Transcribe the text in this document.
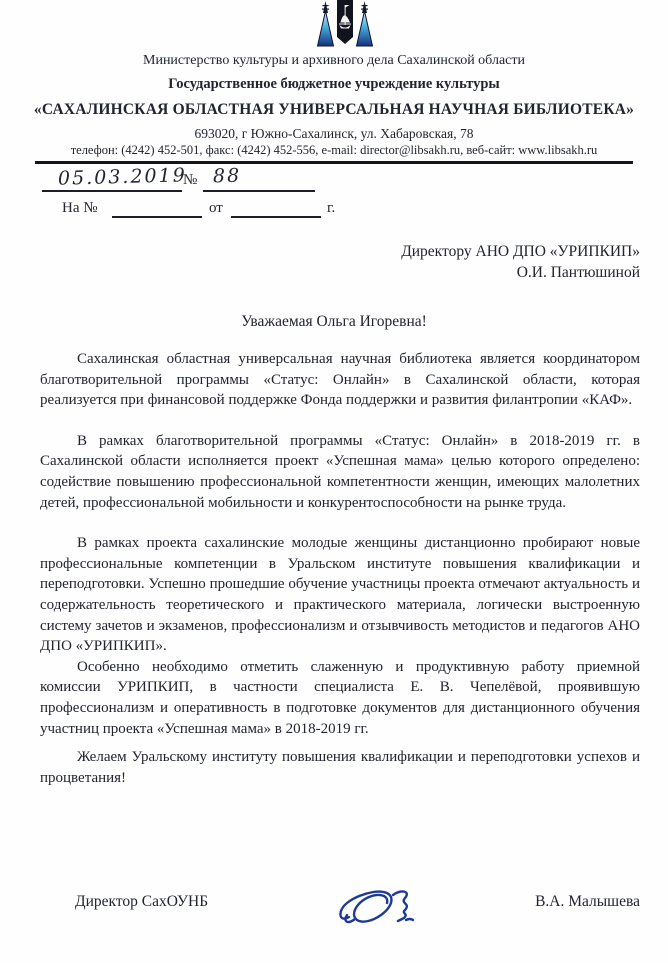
Министерство культуры и архивного дела Сахалинской области
Государственное бюджетное учреждение культуры
«САХАЛИНСКАЯ ОБЛАСТНАЯ УНИВЕРСАЛЬНАЯ НАУЧНАЯ БИБЛИОТЕКА»
693020, г Южно-Сахалинск, ул. Хабаровская, 78
телефон: (4242) 452-501, факс: (4242) 452-556, e-mail: director@libsakh.ru, веб-сайт: www.libsakh.ru
05.03.2019
№ 88
На №	от	г.
Директору АНО ДПО «УРИПКИП»
О.И. Пантюшиной
Уважаемая Ольга Игоревна!

Сахалинская областная универсальная научная библиотека является координатором благотворительной программы «Статус: Онлайн» в Сахалинской области, которая реализуется при финансовой поддержке Фонда поддержки и развития филантропии «КАФ».

В рамках благотворительной программы «Статус: Онлайн» в 2018-2019 гг. в Сахалинской области исполняется проект «Успешная мама» целью которого определено: содействие повышению профессиональной компетентности женщин, имеющих малолетних детей, профессиональной мобильности и конкурентоспособности на рынке труда.

В рамках проекта сахалинские молодые женщины дистанционно пробирают новые профессиональные компетенции в Уральском институте повышения квалификации и переподготовки. Успешно прошедшие обучение участницы проекта отмечают актуальность и содержательность теоретического и практического материала, логически выстроенную систему зачетов и экзаменов, профессионализм и отзывчивость методистов и педагогов АНО ДПО «УРИПКИП».

Особенно необходимо отметить слаженную и продуктивную работу приемной комиссии УРИПКИП, в частности специалиста Е. В. Чепелёвой, проявившую профессионализм и оперативность в подготовке документов для дистанционного обучения участниц проекта «Успешная мама» в 2018-2019 гг.

Желаем Уральскому институту повышения квалификации и переподготовки успехов и процветания!

Директор СахОУНБ	В.А. Малышева
